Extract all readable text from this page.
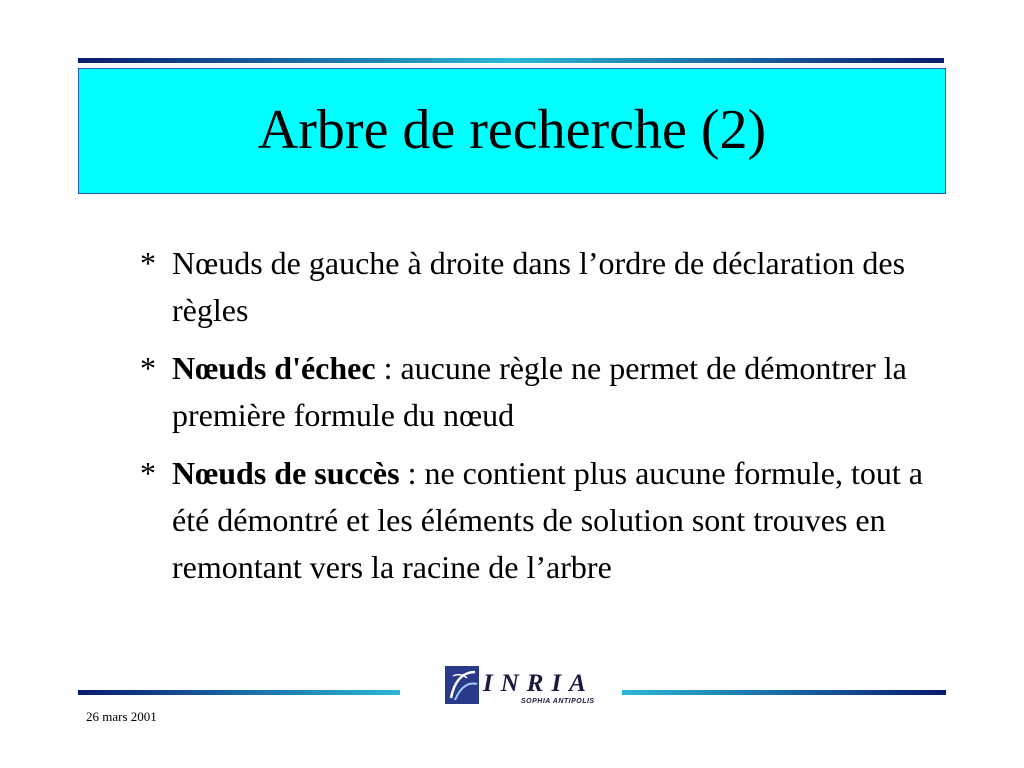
Arbre de recherche (2)
* Nœuds de gauche à droite dans l’ordre de déclaration des règles
* Nœuds d'échec : aucune règle ne permet de démontrer la première formule du nœud
* Nœuds de succès : ne contient plus aucune formule, tout a été démontré et les éléments de solution sont trouves en remontant vers la racine de l’arbre
INRIA
SOPHIA ANTIPOLIS
26 mars 2001
